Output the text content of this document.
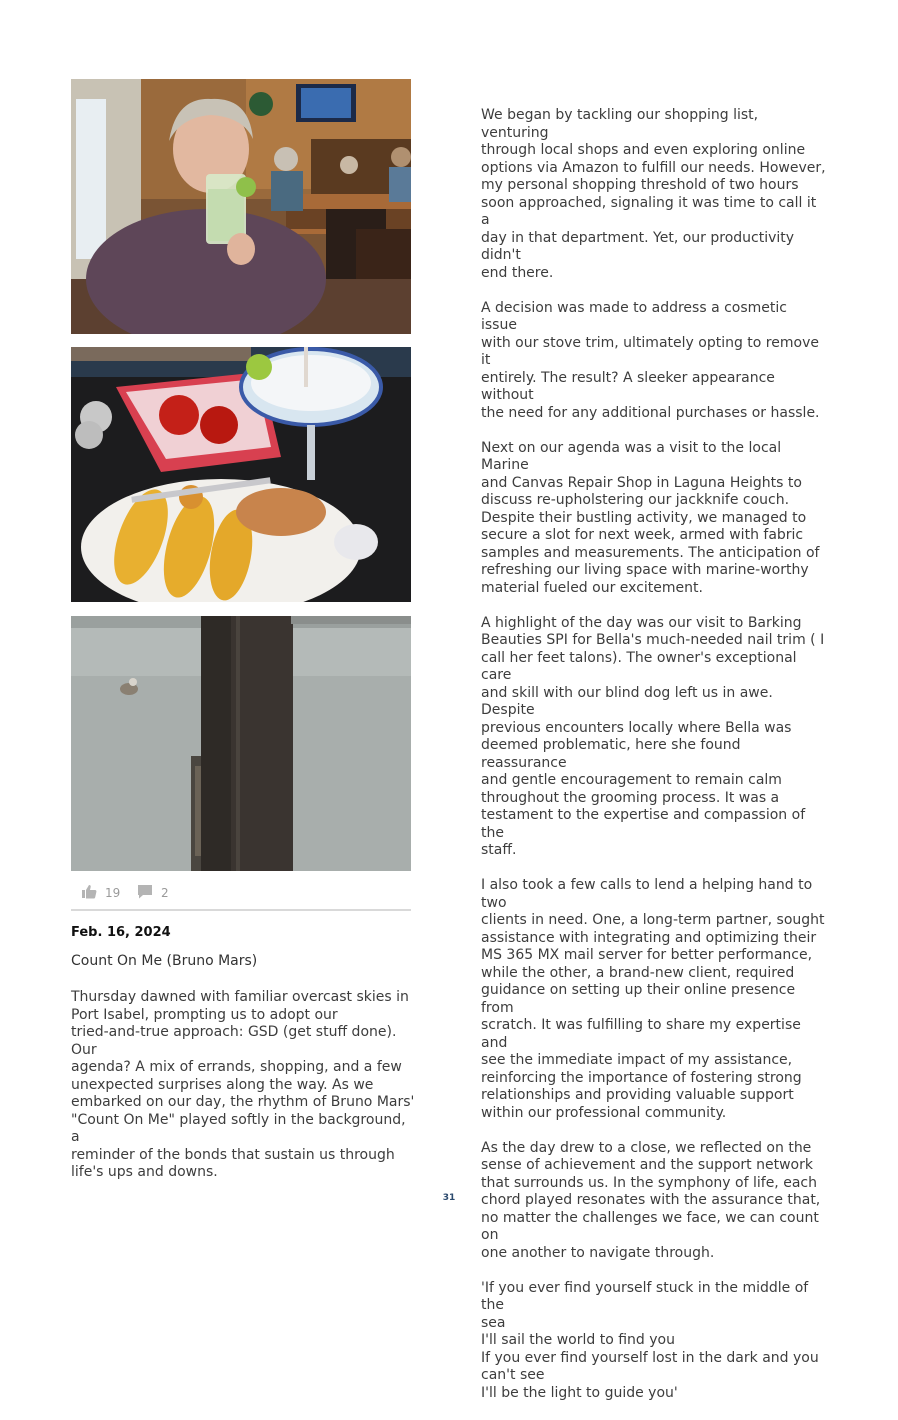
19	2
Feb. 16, 2024
Count On Me (Bruno Mars)

Thursday dawned with familiar overcast skies in
Port Isabel, prompting us to adopt our
tried-and-true approach: GSD (get stuff done). Our
agenda? A mix of errands, shopping, and a few
unexpected surprises along the way. As we
embarked on our day, the rhythm of Bruno Mars'
"Count On Me" played softly in the background, a
reminder of the bonds that sustain us through
life's ups and downs.

We began by tackling our shopping list, venturing
through local shops and even exploring online
options via Amazon to fulfill our needs. However,
my personal shopping threshold of two hours
soon approached, signaling it was time to call it a
day in that department. Yet, our productivity didn't
end there.

A decision was made to address a cosmetic issue
with our stove trim, ultimately opting to remove it
entirely. The result? A sleeker appearance without
the need for any additional purchases or hassle.

Next on our agenda was a visit to the local Marine
and Canvas Repair Shop in Laguna Heights to
discuss re-upholstering our jackknife couch.
Despite their bustling activity, we managed to
secure a slot for next week, armed with fabric
samples and measurements. The anticipation of
refreshing our living space with marine-worthy
material fueled our excitement.

A highlight of the day was our visit to Barking
Beauties SPI for Bella's much-needed nail trim ( I
call her feet talons). The owner's exceptional care
and skill with our blind dog left us in awe. Despite
previous encounters locally where Bella was
deemed problematic, here she found reassurance
and gentle encouragement to remain calm
throughout the grooming process. It was a
testament to the expertise and compassion of the
staff.

I also took a few calls to lend a helping hand to two
clients in need. One, a long-term partner, sought
assistance with integrating and optimizing their
MS 365 MX mail server for better performance,
while the other, a brand-new client, required
guidance on setting up their online presence from
scratch. It was fulfilling to share my expertise and
see the immediate impact of my assistance,
reinforcing the importance of fostering strong
relationships and providing valuable support
within our professional community.

As the day drew to a close, we reflected on the
sense of achievement and the support network
that surrounds us. In the symphony of life, each
chord played resonates with the assurance that,
no matter the challenges we face, we can count on
one another to navigate through.

'If you ever find yourself stuck in the middle of the
sea
I'll sail the world to find you
If you ever find yourself lost in the dark and you
can't see
I'll be the light to guide you'

31
